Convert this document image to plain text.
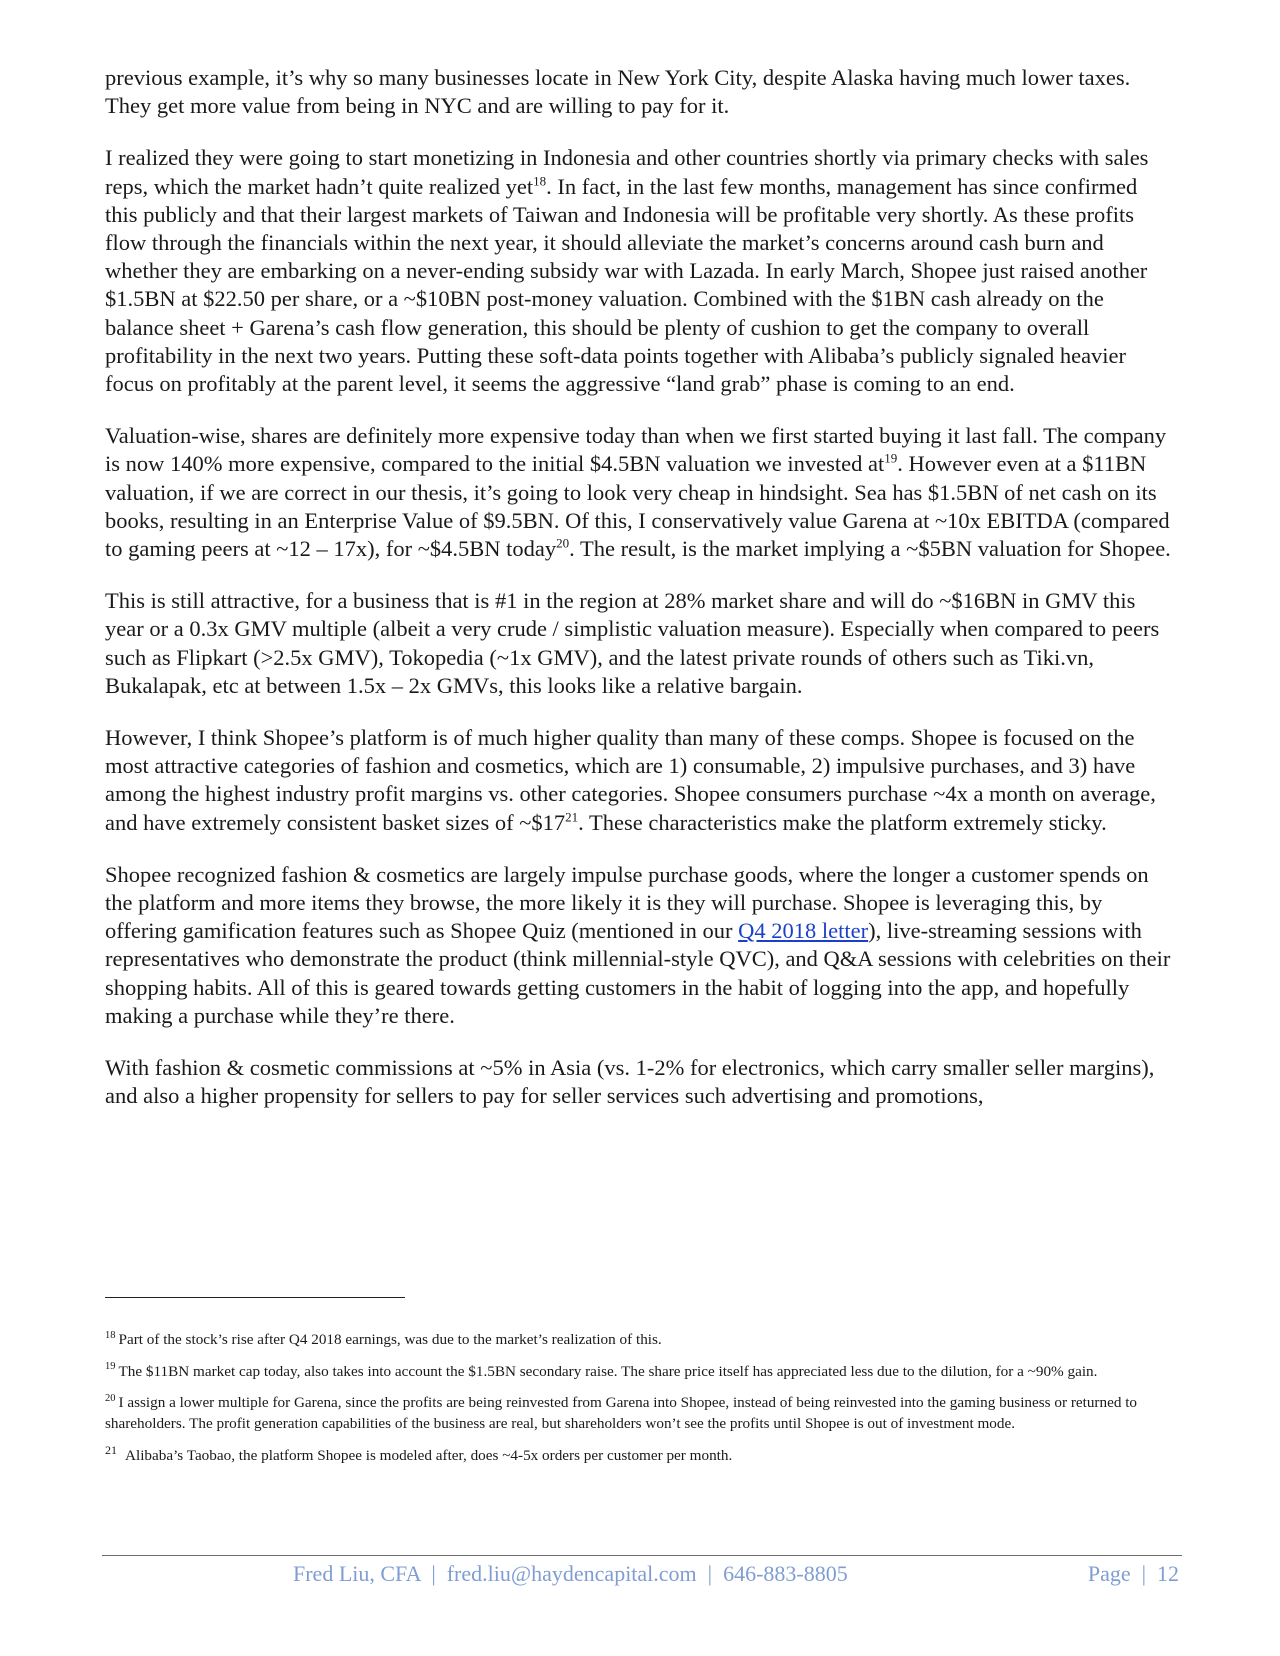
previous example, it’s why so many businesses locate in New York City, despite Alaska having much lower taxes. They get more value from being in NYC and are willing to pay for it.

I realized they were going to start monetizing in Indonesia and other countries shortly via primary checks with sales reps, which the market hadn’t quite realized yet$^{18}$. In fact, in the last few months, management has since confirmed this publicly and that their largest markets of Taiwan and Indonesia will be profitable very shortly. As these profits flow through the financials within the next year, it should alleviate the market’s concerns around cash burn and whether they are embarking on a never-ending subsidy war with Lazada. In early March, Shopee just raised another $1.5BN at $22.50 per share, or a ~$10BN post-money valuation. Combined with the $1BN cash already on the balance sheet + Garena’s cash flow generation, this should be plenty of cushion to get the company to overall profitability in the next two years. Putting these soft-data points together with Alibaba’s publicly signaled heavier focus on profitably at the parent level, it seems the aggressive “land grab” phase is coming to an end.

Valuation-wise, shares are definitely more expensive today than when we first started buying it last fall. The company is now 140% more expensive, compared to the initial $4.5BN valuation we invested $at^{19}$. However even at a $11BN valuation, if we are correct in our thesis, it’s going to look very cheap in hindsight. Sea has $1.5BN of net cash on its books, resulting in an Enterprise Value of $9.5BN. Of this, I conservatively value Garena at ~10x EBITDA (compared to gaming peers at ~12 – 17x), for ~$4.5BN today$^{20}$. The result, is the market implying a ~$5BN valuation for Shopee.

This is still attractive, for a business that is #1 in the region at 28% market share and will do ~$16BN in GMV this year or a 0.3x GMV multiple (albeit a very crude / simplistic valuation measure). Especially when compared to peers such as Flipkart (>2.5x GMV), Tokopedia (~1x GMV), and the latest private rounds of others such as Tiki.vn, Bukalapak, etc at between 1.5x – 2x GMVs, this looks like a relative bargain.

However, I think Shopee’s platform is of much higher quality than many of these comps. Shopee is focused on the most attractive categories of fashion and cosmetics, which are 1) consumable, 2) impulsive purchases, and 3) have among the highest industry profit margins vs. other categories. Shopee consumers purchase ~4x a month on average, and have extremely consistent basket sizes of $\sim\$17^{21}$. These characteristics make the platform extremely sticky.

Shopee recognized fashion & cosmetics are largely impulse purchase goods, where the longer a customer spends on the platform and more items they browse, the more likely it is they will purchase. Shopee is leveraging this, by offering gamification features such as Shopee Quiz (mentioned in our Q4 2018 letter), live-streaming sessions with representatives who demonstrate the product (think millennial-style QVC), and Q&A sessions with celebrities on their shopping habits. All of this is geared towards getting customers in the habit of logging into the app, and hopefully making a purchase while they’re there.

With fashion & cosmetic commissions at ~5% in Asia (vs. 1-2% for electronics, which carry smaller seller margins), and also a higher propensity for sellers to pay for seller services such advertising and promotions,

$^{18}$ Part of the stock’s rise after Q4 2018 earnings, was due to the market’s realization of this.

$^{19}$ The $11BN market cap today, also takes into account the $1.5BN secondary raise. The share price itself has appreciated less due to the dilution, for a ~90% gain.

$^{20}$ I assign a lower multiple for Garena, since the profits are being reinvested from Garena into Shopee, instead of being reinvested into the gaming business or returned to shareholders. The profit generation capabilities of the business are real, but shareholders won’t see the profits until Shopee is out of investment mode.

$^{21}$ Alibaba’s Taobao, the platform Shopee is modeled after, does ~4-5x orders per customer per month.

Fred Liu, CFA  |  fred.liu@haydencapital.com  |  646-883-8805	Page  |  12
